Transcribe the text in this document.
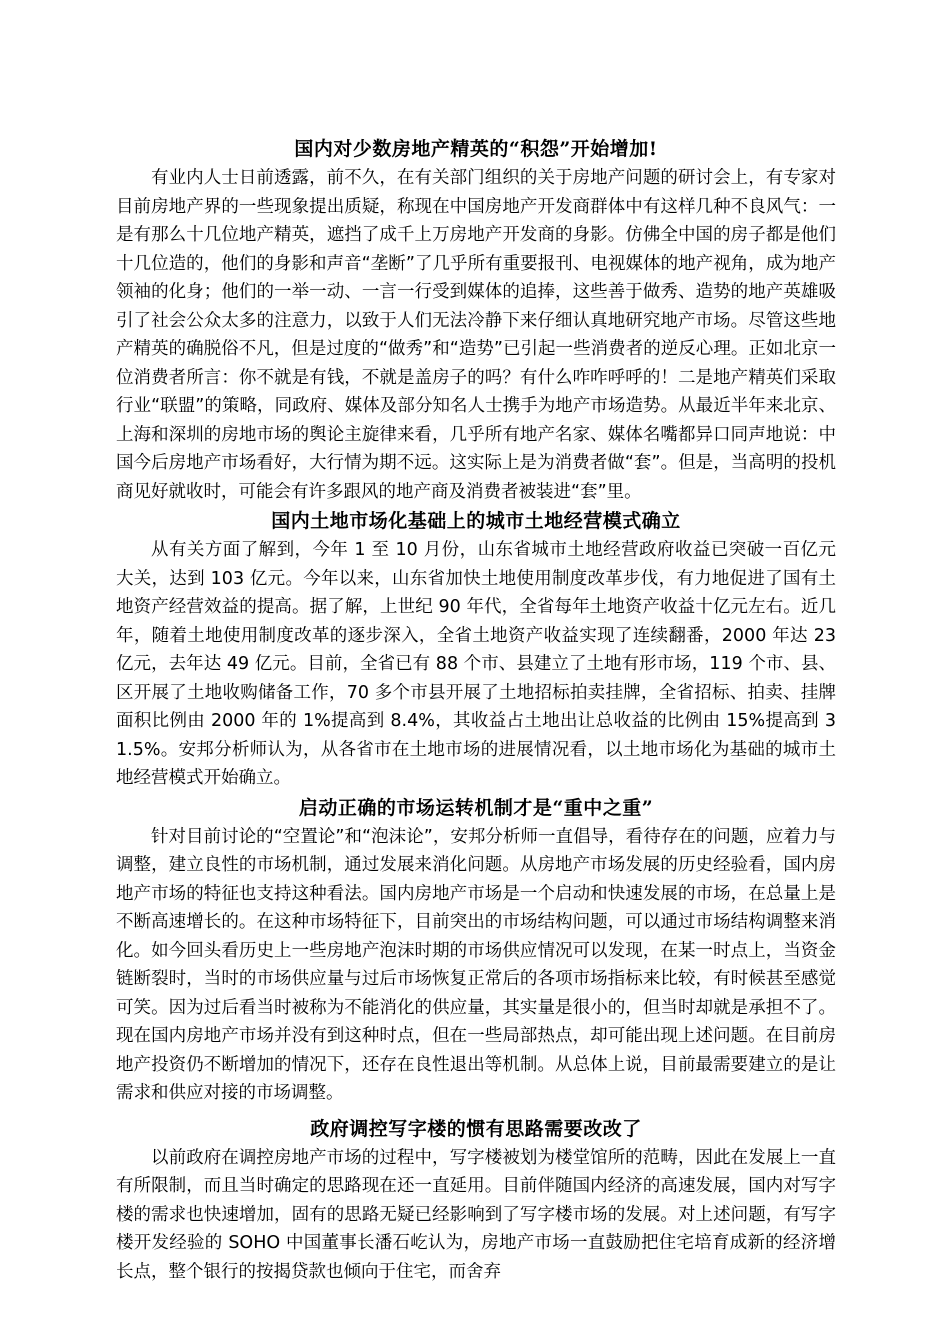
国内对少数房地产精英的“积怨”开始增加!

有业内人士日前透露，前不久，在有关部门组织的关于房地产问题的研讨会上，有专家对目前房地产界的一些现象提出质疑，称现在中国房地产开发商群体中有这样几种不良风气：一是有那么十几位地产精英，遮挡了成千上万房地产开发商的身影。仿佛全中国的房子都是他们十几位造的，他们的身影和声音“垄断”了几乎所有重要报刊、电视媒体的地产视角，成为地产领袖的化身；他们的一举一动、一言一行受到媒体的追捧，这些善于做秀、造势的地产英雄吸引了社会公众太多的注意力，以致于人们无法冷静下来仔细认真地研究地产市场。尽管这些地产精英的确脱俗不凡，但是过度的“做秀”和“造势”已引起一些消费者的逆反心理。正如北京一位消费者所言：你不就是有钱，不就是盖房子的吗？有什么咋咋呼呼的！二是地产精英们采取行业“联盟”的策略，同政府、媒体及部分知名人士携手为地产市场造势。从最近半年来北京、上海和深圳的房地市场的舆论主旋律来看，几乎所有地产名家、媒体名嘴都异口同声地说：中国今后房地产市场看好，大行情为期不远。这实际上是为消费者做“套”。但是，当高明的投机商见好就收时，可能会有许多跟风的地产商及消费者被装进“套”里。

国内土地市场化基础上的城市土地经营模式确立

从有关方面了解到，今年 1 至 10 月份，山东省城市土地经营政府收益已突破一百亿元大关，达到 103 亿元。今年以来，山东省加快土地使用制度改革步伐，有力地促进了国有土地资产经营效益的提高。据了解，上世纪 90 年代，全省每年土地资产收益十亿元左右。近几年，随着土地使用制度改革的逐步深入，全省土地资产收益实现了连续翻番，2000 年达 23 亿元，去年达 49 亿元。目前，全省已有 88 个市、县建立了土地有形市场，119 个市、县、区开展了土地收购储备工作，70 多个市县开展了土地招标拍卖挂牌，全省招标、拍卖、挂牌面积比例由 2000 年的 1%提高到 8.4%，其收益占土地出让总收益的比例由 15%提高到 31.5%。安邦分析师认为，从各省市在土地市场的进展情况看，以土地市场化为基础的城市土地经营模式开始确立。

启动正确的市场运转机制才是“重中之重”

针对目前讨论的“空置论”和“泡沫论”，安邦分析师一直倡导，看待存在的问题，应着力与调整，建立良性的市场机制，通过发展来消化问题。从房地产市场发展的历史经验看，国内房地产市场的特征也支持这种看法。国内房地产市场是一个启动和快速发展的市场，在总量上是不断高速增长的。在这种市场特征下，目前突出的市场结构问题，可以通过市场结构调整来消化。如今回头看历史上一些房地产泡沫时期的市场供应情况可以发现，在某一时点上，当资金链断裂时，当时的市场供应量与过后市场恢复正常后的各项市场指标来比较，有时候甚至感觉可笑。因为过后看当时被称为不能消化的供应量，其实量是很小的，但当时却就是承担不了。现在国内房地产市场并没有到这种时点，但在一些局部热点，却可能出现上述问题。在目前房地产投资仍不断增加的情况下，还存在良性退出等机制。从总体上说，目前最需要建立的是让需求和供应对接的市场调整。

政府调控写字楼的惯有思路需要改改了

以前政府在调控房地产市场的过程中，写字楼被划为楼堂馆所的范畴，因此在发展上一直有所限制，而且当时确定的思路现在还一直延用。目前伴随国内经济的高速发展，国内对写字楼的需求也快速增加，固有的思路无疑已经影响到了写字楼市场的发展。对上述问题，有写字楼开发经验的 SOHO 中国董事长潘石屹认为，房地产市场一直鼓励把住宅培育成新的经济增长点，整个银行的按揭贷款也倾向于住宅，而舍弃
